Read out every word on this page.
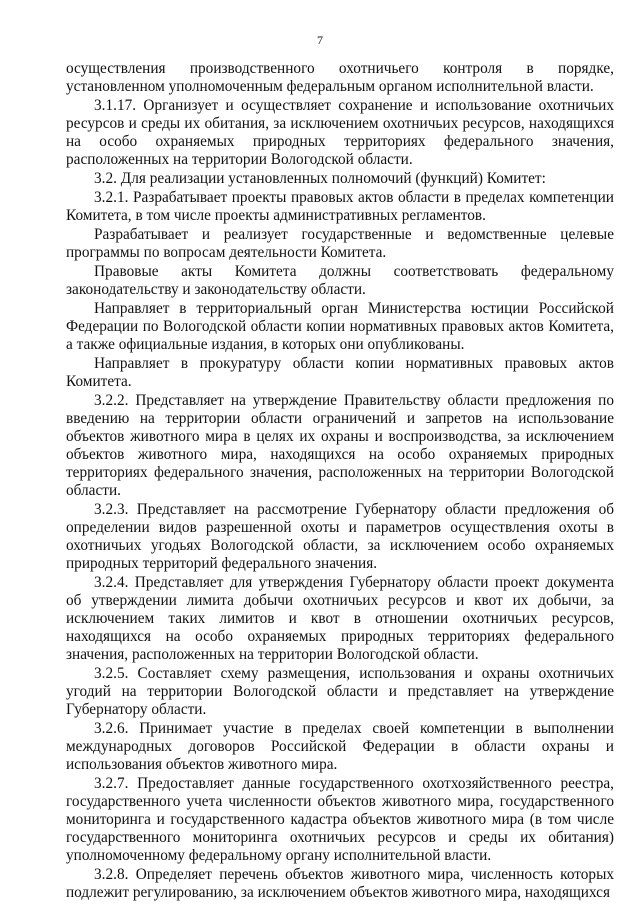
7

осуществления производственного охотничьего контроля в порядке, установленном уполномоченным федеральным органом исполнительной власти.

3.1.17. Организует и осуществляет сохранение и использование охотничьих ресурсов и среды их обитания, за исключением охотничьих ресурсов, находящихся на особо охраняемых природных территориях федерального значения, расположенных на территории Вологодской области.

3.2. Для реализации установленных полномочий (функций) Комитет:

3.2.1. Разрабатывает проекты правовых актов области в пределах компетенции Комитета, в том числе проекты административных регламентов.

Разрабатывает и реализует государственные и ведомственные целевые программы по вопросам деятельности Комитета.

Правовые акты Комитета должны соответствовать федеральному законодательству и законодательству области.

Направляет в территориальный орган Министерства юстиции Российской Федерации по Вологодской области копии нормативных правовых актов Комитета, а также официальные издания, в которых они опубликованы.

Направляет в прокуратуру области копии нормативных правовых актов Комитета.

3.2.2. Представляет на утверждение Правительству области предложения по введению на территории области ограничений и запретов на использование объектов животного мира в целях их охраны и воспроизводства, за исключением объектов животного мира, находящихся на особо охраняемых природных территориях федерального значения, расположенных на территории Вологодской области.

3.2.3. Представляет на рассмотрение Губернатору области предложения об определении видов разрешенной охоты и параметров осуществления охоты в охотничьих угодьях Вологодской области, за исключением особо охраняемых природных территорий федерального значения.

3.2.4. Представляет для утверждения Губернатору области проект документа об утверждении лимита добычи охотничьих ресурсов и квот их добычи, за исключением таких лимитов и квот в отношении охотничьих ресурсов, находящихся на особо охраняемых природных территориях федерального значения, расположенных на территории Вологодской области.

3.2.5. Составляет схему размещения, использования и охраны охотничьих угодий на территории Вологодской области и представляет на утверждение Губернатору области.

3.2.6. Принимает участие в пределах своей компетенции в выполнении международных договоров Российской Федерации в области охраны и использования объектов животного мира.

3.2.7. Предоставляет данные государственного охотхозяйственного реестра, государственного учета численности объектов животного мира, государственного мониторинга и государственного кадастра объектов животного мира (в том числе государственного мониторинга охотничьих ресурсов и среды их обитания) уполномоченному федеральному органу исполнительной власти.

3.2.8. Определяет перечень объектов животного мира, численность которых подлежит регулированию, за исключением объектов животного мира, находящихся
